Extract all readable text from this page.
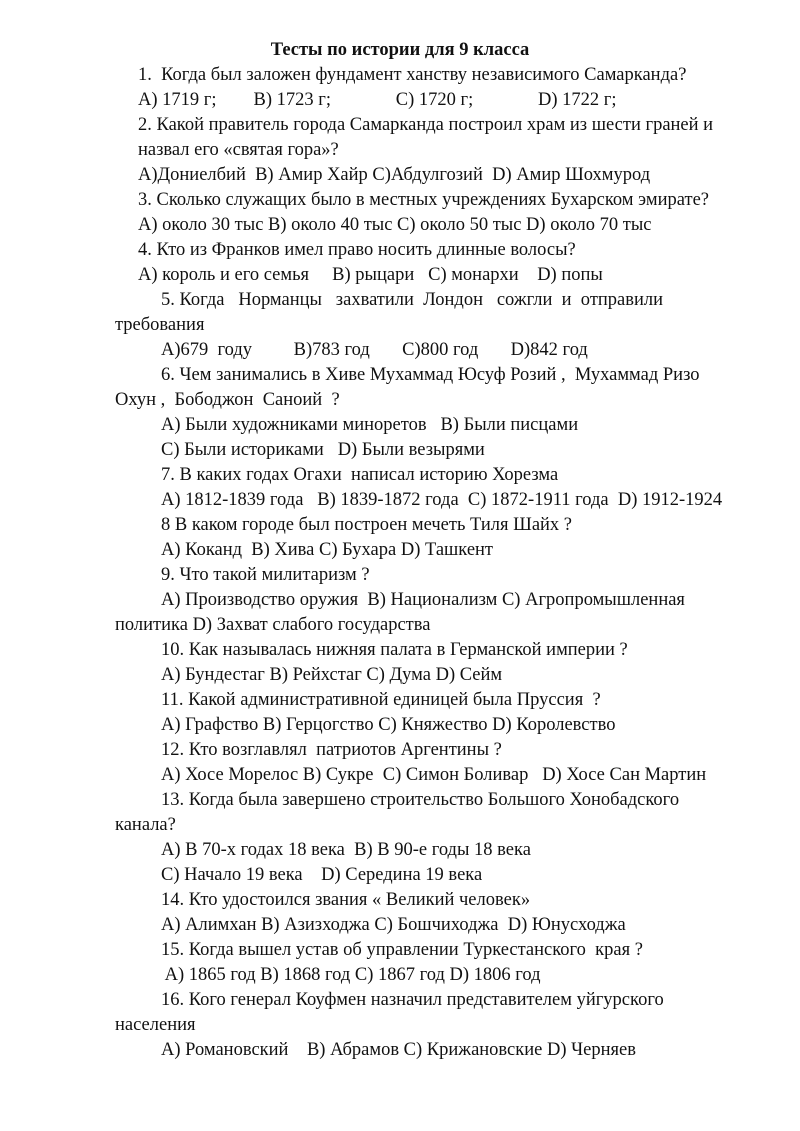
Тесты по истории для 9 класса
1.  Когда был заложен фундамент ханству независимого Самарканда?
A) 1719 г;        B) 1723 г;              C) 1720 г;              D) 1722 г;
2. Какой правитель города Самарканда построил храм из шести граней и
назвал его «святая гора»?
A)Дониелбий  B) Амир Хайр C)Абдулгозий  D) Амир Шохмурод
3. Сколько служащих было в местных учреждениях Бухарском эмирате?
A) около 30 тыс B) около 40 тыс C) около 50 тыс D) около 70 тыс
4. Кто из Франков имел право носить длинные волосы?
A) король и его семья     B) рыцари   C) монархи    D) попы
5. Когда   Норманцы   захватили  Лондон   сожгли  и  отправили
требования
A)679  году         B)783 год       C)800 год       D)842 год
6. Чем занимались в Хиве Мухаммад Юсуф Розий ,  Мухаммад Ризо
Охун ,  Бободжон  Саноий  ?
A) Были художниками миноретов   B) Были писцами
C) Были историками   D) Были везырями
7. В каких годах Огахи  написал историю Хорезма
A) 1812-1839 года   B) 1839-1872 года  C) 1872-1911 года  D) 1912-1924
8 В каком городе был построен мечеть Тиля Шайх ?
A) Коканд  B) Хива C) Бухара D) Ташкент
9. Что такой милитаризм ?
A) Производство оружия  B) Национализм C) Агропромышленная
политика D) Захват слабого государства
10. Как называлась нижняя палата в Германской империи ?
A) Бундестаг B) Рейхстаг C) Дума D) Сейм
11. Какой административной единицей была Пруссия  ?
A) Графство B) Герцогство C) Княжество D) Королевство
12. Кто возглавлял  патриотов Аргентины ?
A) Хосе Морелос B) Сукре  C) Симон Боливар   D) Хосе Сан Мартин
13. Когда была завершено строительство Большого Хонобадского
канала?
A) В 70-х годах 18 века  B) В 90-е годы 18 века
C) Начало 19 века    D) Середина 19 века
14. Кто удостоился звания « Великий человек»
A) Алимхан B) Азизходжа C) Бошчиходжа  D) Юнусходжа
15. Когда вышел устав об управлении Туркестанского  края ?
A) 1865 год B) 1868 год C) 1867 год D) 1806 год
16. Кого генерал Коуфмен назначил представителем уйгурского
населения
A) Романовский    B) Абрамов C) Крижановские D) Черняев
